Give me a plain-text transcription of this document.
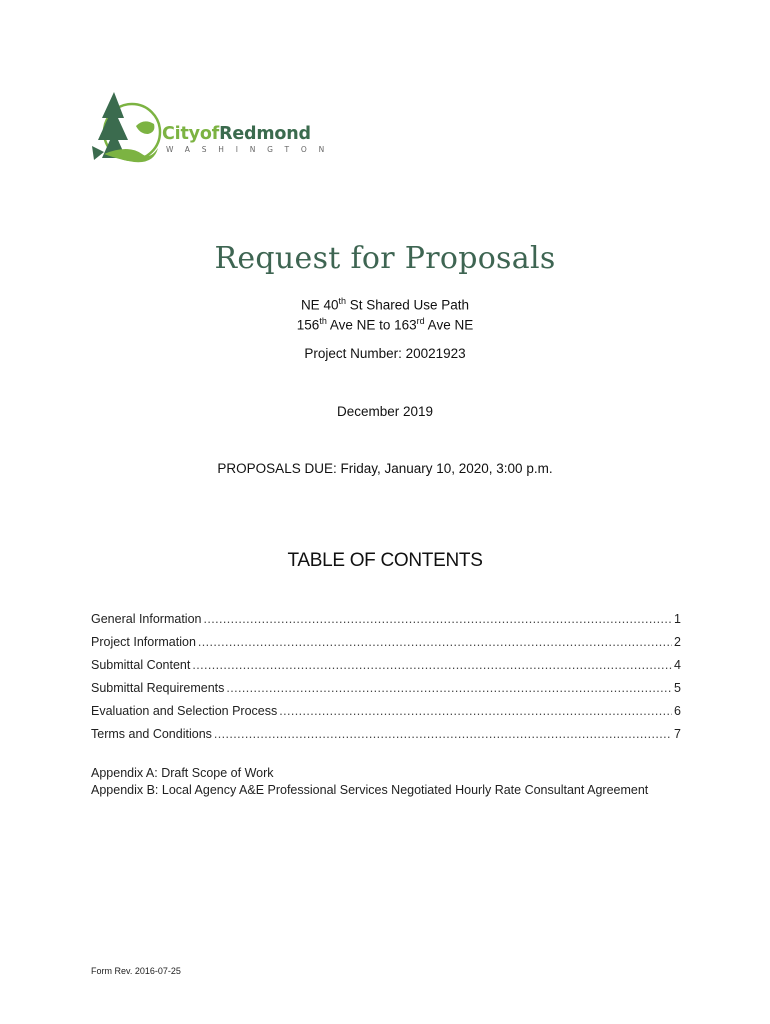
CityofRedmond
WASHINGTON
Request for Proposals
NE 40th St Shared Use Path
156th Ave NE to 163rd Ave NE
Project Number: 20021923
December 2019
PROPOSALS DUE: Friday, January 10, 2020, 3:00 p.m.
TABLE OF CONTENTS
General Information .....	1
Project Information .....	2
Submittal Content .....	4
Submittal Requirements .....	5
Evaluation and Selection Process .....	6
Terms and Conditions .....	7
Appendix A: Draft Scope of Work
Appendix B: Local Agency A&E Professional Services Negotiated Hourly Rate Consultant Agreement
Form Rev. 2016-07-25
